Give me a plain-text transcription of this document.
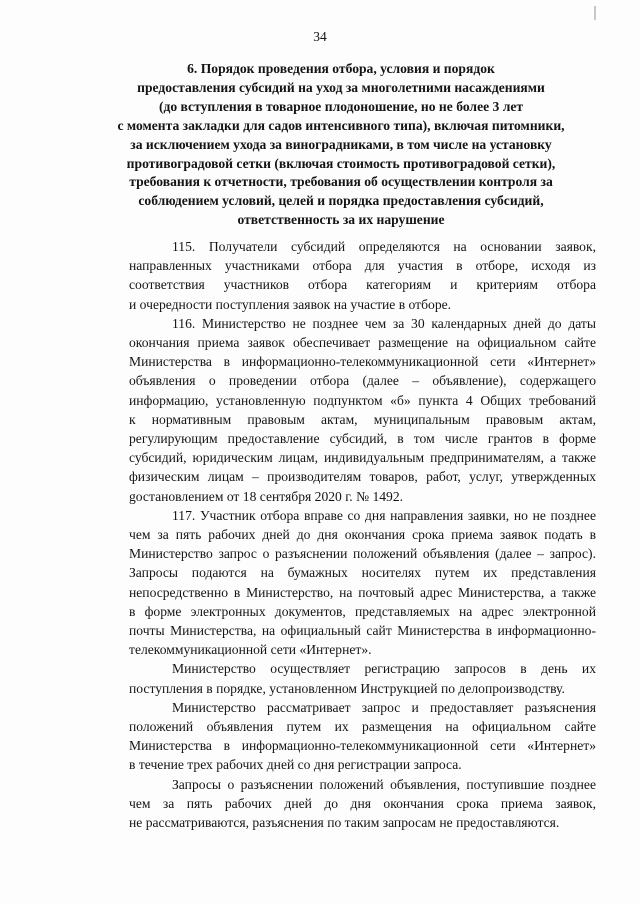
34
6. Порядок проведения отбора, условия и порядок
предоставления субсидий на уход за многолетними насаждениями
(до вступления в товарное плодоношение, но не более 3 лет
с момента закладки для садов интенсивного типа), включая питомники,
за исключением ухода за виноградниками, в том числе на установку
противоградовой сетки (включая стоимость противоградовой сетки),
требования к отчетности, требования об осуществлении контроля за
соблюдением условий, целей и порядка предоставления субсидий,
ответственность за их нарушение
115. Получатели субсидий определяются на основании заявок,
направленных участниками отбора для участия в отборе, исходя из
соответствия участников отбора категориям и критериям отбора
и очередности поступления заявок на участие в отборе.
116. Министерство не позднее чем за 30 календарных дней до даты
окончания приема заявок обеспечивает размещение на официальном сайте
Министерства в информационно-телекоммуникационной сети «Интернет»
объявления о проведении отбора (далее – объявление), содержащего
информацию, установленную подпунктом «б» пункта 4 Общих требований
к нормативным правовым актам, муниципальным правовым актам,
регулирующим предоставление субсидий, в том числе грантов в форме
субсидий, юридическим лицам, индивидуальным предпринимателям, а также
физическим лицам – производителям товаров, работ, услуг, утвержденных
gостановлением от 18 сентября 2020 г. № 1492.
117. Участник отбора вправе со дня направления заявки, но не позднее
чем за пять рабочих дней до дня окончания срока приема заявок подать в
Министерство запрос о разъяснении положений объявления (далее – запрос).
Запросы подаются на бумажных носителях путем их представления
непосредственно в Министерство, на почтовый адрес Министерства, а также
в форме электронных документов, представляемых на адрес электронной
почты Министерства, на официальный сайт Министерства в информационно-
телекоммуникационной сети «Интернет».
Министерство осуществляет регистрацию запросов в день их
поступления в порядке, установленном Инструкцией по делопроизводству.
Министерство рассматривает запрос и предоставляет разъяснения
положений объявления путем их размещения на официальном сайте
Министерства в информационно-телекоммуникационной сети «Интернет»
в течение трех рабочих дней со дня регистрации запроса.
Запросы о разъяснении положений объявления, поступившие позднее
чем за пять рабочих дней до дня окончания срока приема заявок,
не рассматриваются, разъяснения по таким запросам не предоставляются.
